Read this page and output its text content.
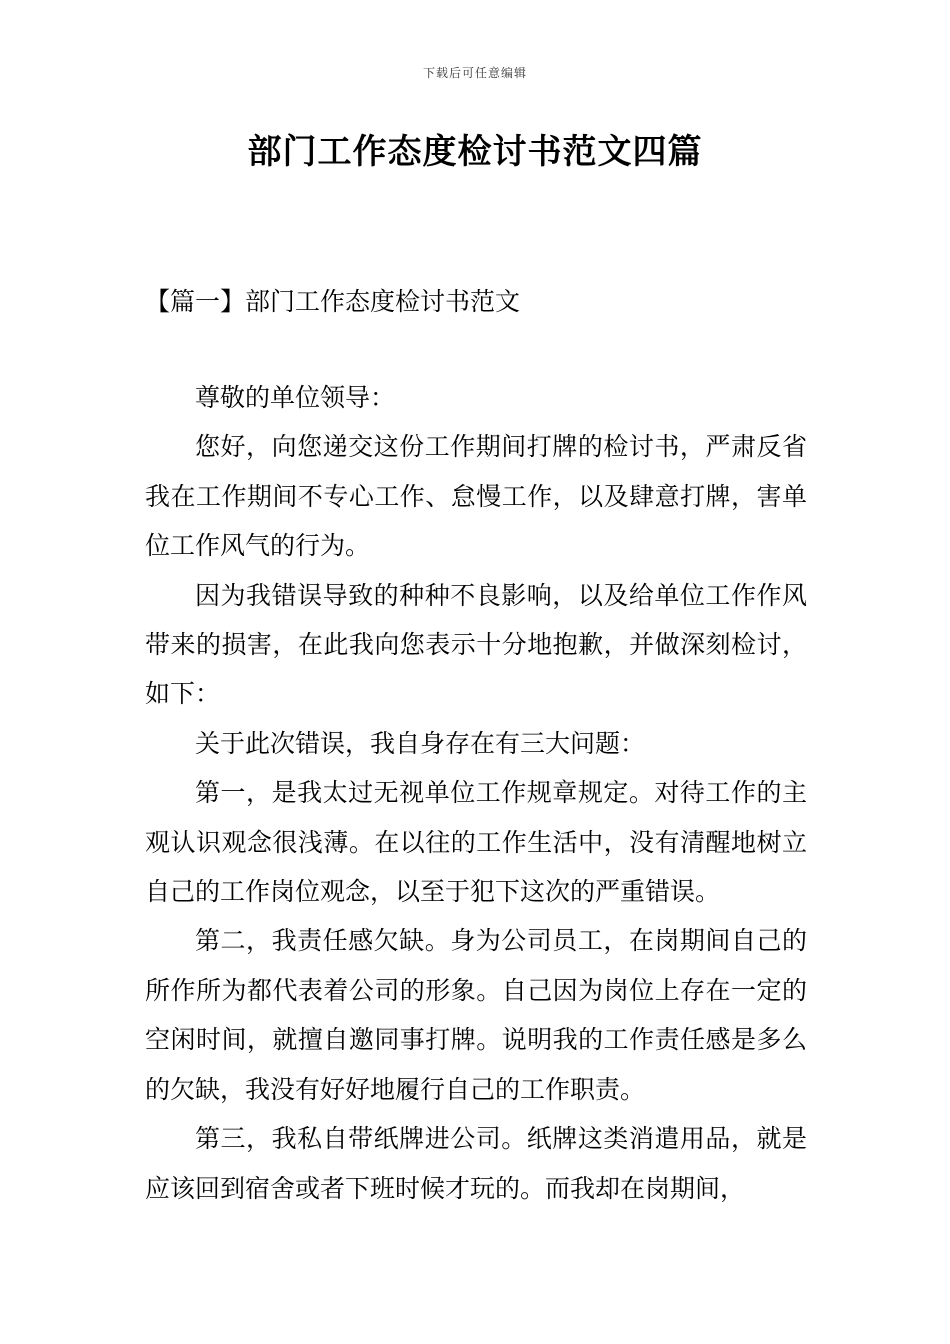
下载后可任意编辑
部门工作态度检讨书范文四篇
【篇一】部门工作态度检讨书范文

尊敬的单位领导：

您好，向您递交这份工作期间打牌的检讨书，严肃反省我在工作期间不专心工作、怠慢工作，以及肆意打牌，害单位工作风气的行为。

因为我错误导致的种种不良影响，以及给单位工作作风带来的损害，在此我向您表示十分地抱歉，并做深刻检讨，如下：

关于此次错误，我自身存在有三大问题：

第一，是我太过无视单位工作规章规定。对待工作的主观认识观念很浅薄。在以往的工作生活中，没有清醒地树立自己的工作岗位观念，以至于犯下这次的严重错误。

第二，我责任感欠缺。身为公司员工，在岗期间自己的所作所为都代表着公司的形象。自己因为岗位上存在一定的空闲时间，就擅自邀同事打牌。说明我的工作责任感是多么的欠缺，我没有好好地履行自己的工作职责。

第三，我私自带纸牌进公司。纸牌这类消遣用品，就是应该回到宿舍或者下班时候才玩的。而我却在岗期间，
